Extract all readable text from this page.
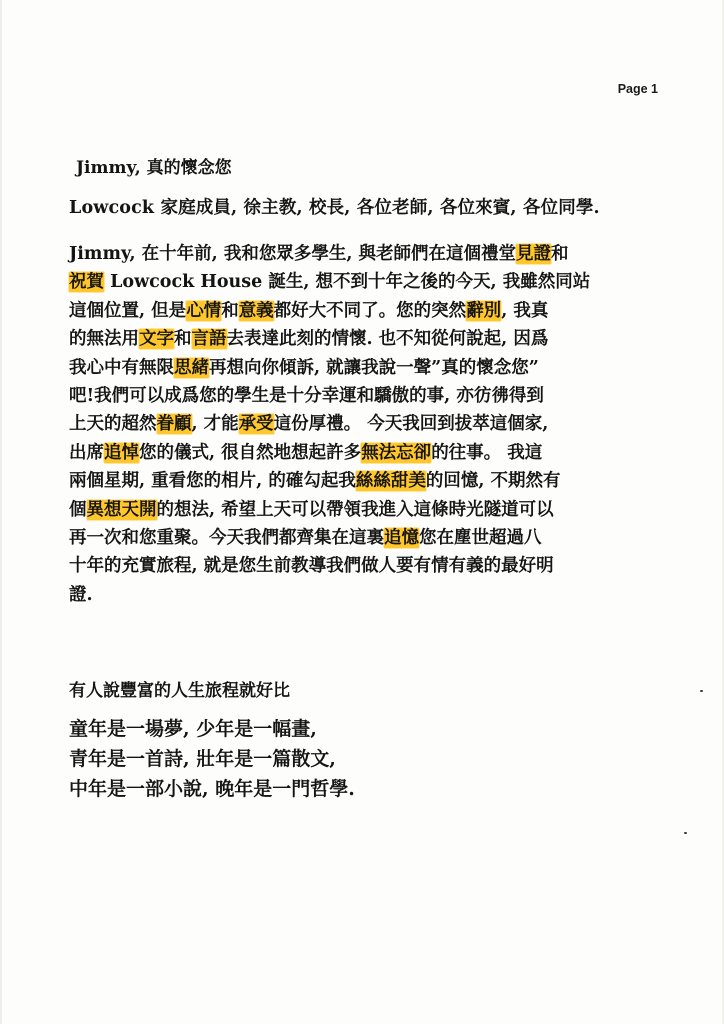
Page 1
Jimmy, 真的懷念您
Lowcock 家庭成員, 徐主教, 校長, 各位老師, 各位來賓, 各位同學.
Jimmy, 在十年前, 我和您眾多學生, 與老師們在這個禮堂見證和
祝賀 Lowcock House 誕生, 想不到十年之後的今天, 我雖然同站
這個位置, 但是心情和意義都好大不同了。您的突然辭別, 我真
的無法用文字和言語去表達此刻的情懷. 也不知從何說起, 因爲
我心中有無限思緒再想向你傾訴, 就讓我說一聲”真的懷念您”
吧!我們可以成爲您的學生是十分幸運和驕傲的事, 亦彷彿得到
上天的超然眷顧, 才能承受這份厚禮。 今天我回到拔萃這個家,
出席追悼您的儀式, 很自然地想起許多無法忘卻的往事。 我這
兩個星期, 重看您的相片, 的確勾起我絲絲甜美的回憶, 不期然有
個異想天開的想法, 希望上天可以帶領我進入這條時光隧道可以
再一次和您重聚。今天我們都齊集在這裏追憶您在塵世超過八
十年的充實旅程, 就是您生前教導我們做人要有情有義的最好明
證.
有人說豐富的人生旅程就好比
童年是一場夢, 少年是一幅畫,
青年是一首詩, 壯年是一篇散文,
中年是一部小說, 晚年是一門哲學.
